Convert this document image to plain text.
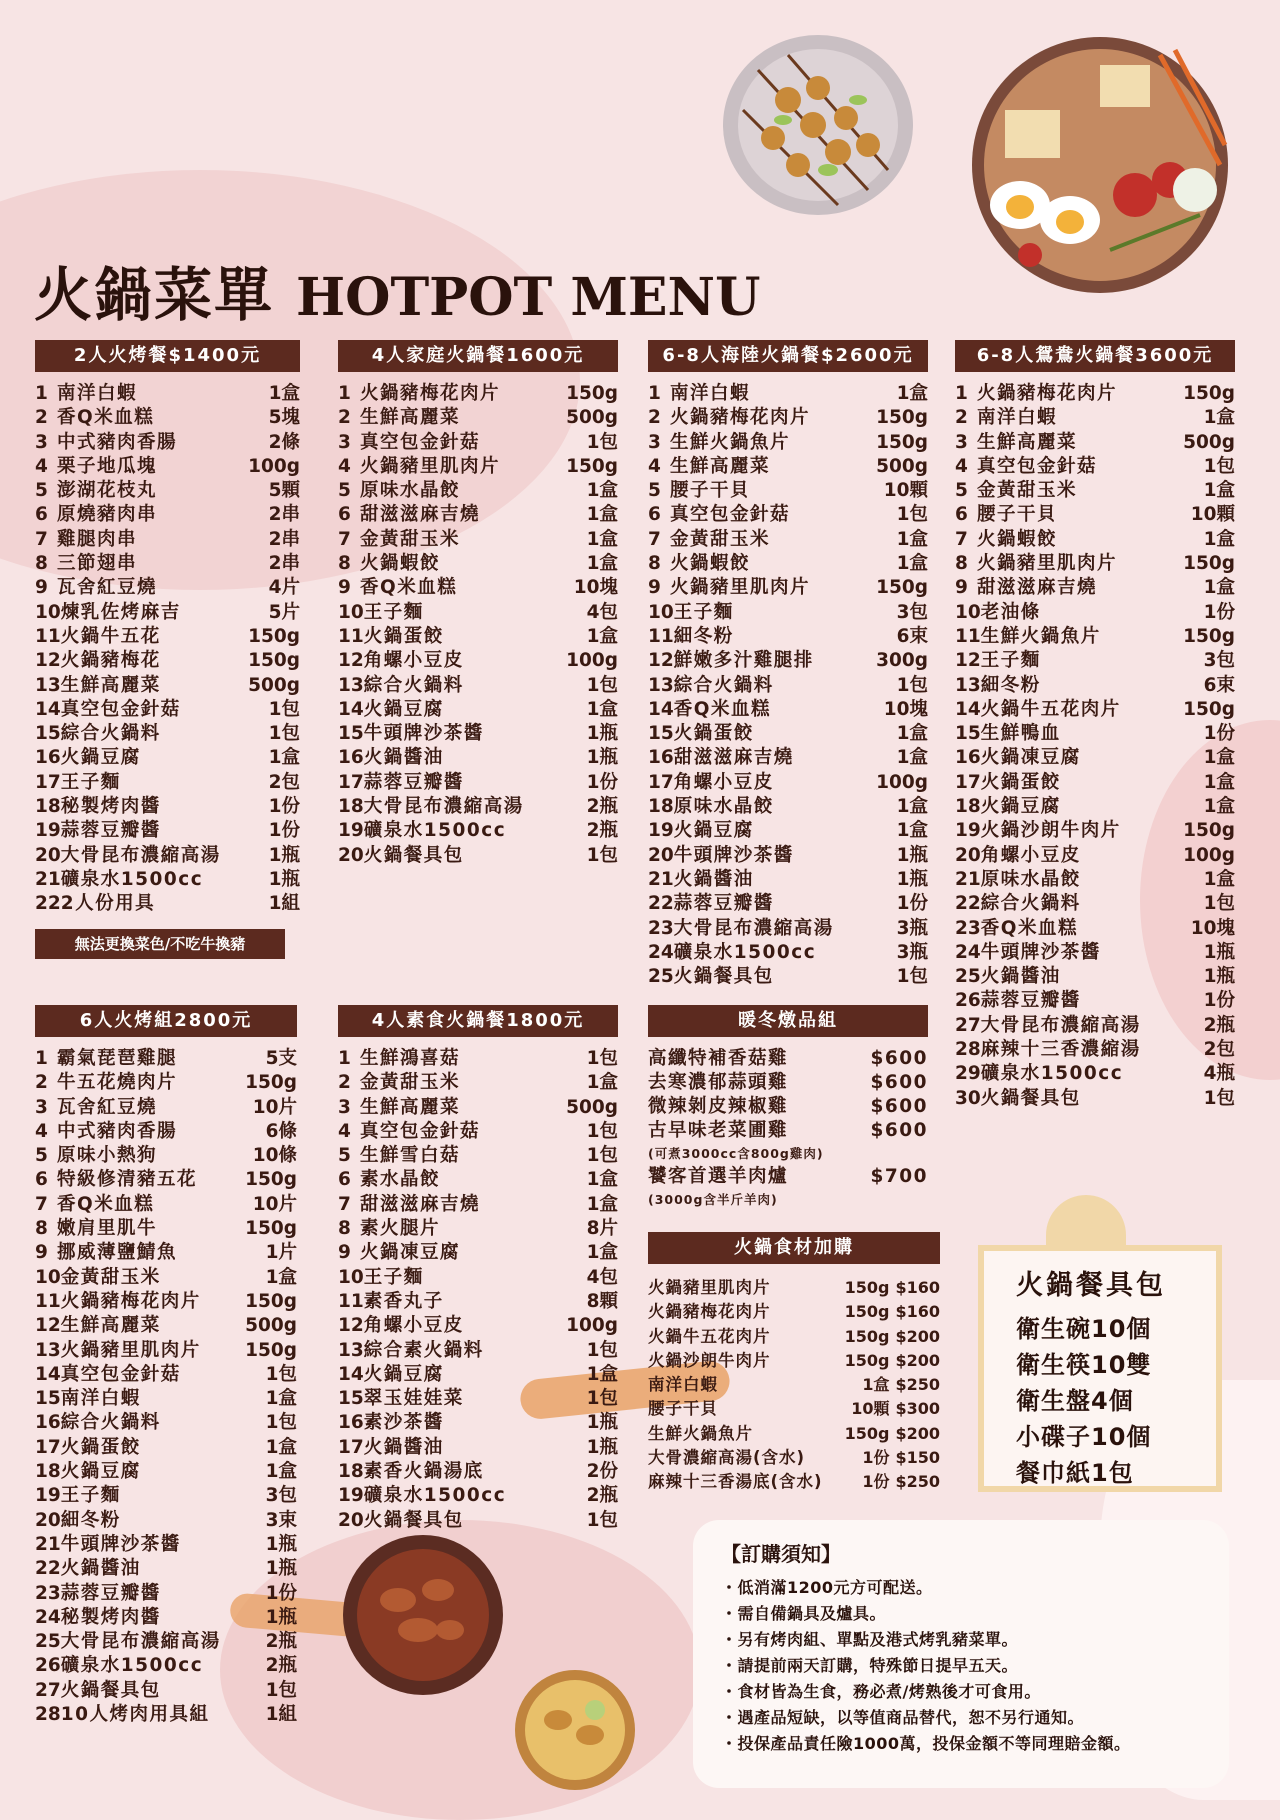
火鍋菜單 HOTPOT MENU
2人火烤餐$1400元
1 南洋白蝦	1盒
2 香Q米血糕	5塊
3 中式豬肉香腸	2條
4 栗子地瓜塊	100g
5 澎湖花枝丸	5顆
6 原燒豬肉串	2串
7 雞腿肉串	2串
8 三節翅串	2串
9 瓦舍紅豆燒	4片
10煉乳佐烤麻吉	5片
11火鍋牛五花	150g
12火鍋豬梅花	150g
13生鮮高麗菜	500g
14真空包金針菇	1包
15綜合火鍋料	1包
16火鍋豆腐	1盒
17王子麵	2包
18秘製烤肉醬	1份
19蒜蓉豆瓣醬	1份
20大骨昆布濃縮高湯	1瓶
21礦泉水1500cc	1瓶
222人份用具	1組
4人家庭火鍋餐1600元
1 火鍋豬梅花肉片	150g
2 生鮮高麗菜	500g
3 真空包金針菇	1包
4 火鍋豬里肌肉片	150g
5 原味水晶餃	1盒
6 甜滋滋麻吉燒	1盒
7 金黃甜玉米	1盒
8 火鍋蝦餃	1盒
9 香Q米血糕	10塊
10王子麵	4包
11火鍋蛋餃	1盒
12角螺小豆皮	100g
13綜合火鍋料	1包
14火鍋豆腐	1盒
15牛頭牌沙茶醬	1瓶
16火鍋醬油	1瓶
17蒜蓉豆瓣醬	1份
18大骨昆布濃縮高湯	2瓶
19礦泉水1500cc	2瓶
20火鍋餐具包	1包
6-8人海陸火鍋餐$2600元
1 南洋白蝦	1盒
2 火鍋豬梅花肉片	150g
3 生鮮火鍋魚片	150g
4 生鮮高麗菜	500g
5 腰子干貝	10顆
6 真空包金針菇	1包
7 金黃甜玉米	1盒
8 火鍋蝦餃	1盒
9 火鍋豬里肌肉片	150g
10王子麵	3包
11細冬粉	6束
12鮮嫩多汁雞腿排	300g
13綜合火鍋料	1包
14香Q米血糕	10塊
15火鍋蛋餃	1盒
16甜滋滋麻吉燒	1盒
17角螺小豆皮	100g
18原味水晶餃	1盒
19火鍋豆腐	1盒
20牛頭牌沙茶醬	1瓶
21火鍋醬油	1瓶
22蒜蓉豆瓣醬	1份
23大骨昆布濃縮高湯	3瓶
24礦泉水1500cc	3瓶
25火鍋餐具包	1包
6-8人鴛鴦火鍋餐3600元
1 火鍋豬梅花肉片	150g
2 南洋白蝦	1盒
3 生鮮高麗菜	500g
4 真空包金針菇	1包
5 金黃甜玉米	1盒
6 腰子干貝	10顆
7 火鍋蝦餃	1盒
8 火鍋豬里肌肉片	150g
9 甜滋滋麻吉燒	1盒
10老油條	1份
11生鮮火鍋魚片	150g
12王子麵	3包
13細冬粉	6束
14火鍋牛五花肉片	150g
15生鮮鴨血	1份
16火鍋凍豆腐	1盒
17火鍋蛋餃	1盒
18火鍋豆腐	1盒
19火鍋沙朗牛肉片	150g
20角螺小豆皮	100g
21原味水晶餃	1盒
22綜合火鍋料	1包
23香Q米血糕	10塊
24牛頭牌沙茶醬	1瓶
25火鍋醬油	1瓶
26蒜蓉豆瓣醬	1份
27大骨昆布濃縮高湯	2瓶
28麻辣十三香濃縮湯	2包
29礦泉水1500cc	4瓶
30火鍋餐具包	1包
6人火烤組2800元
1 霸氣琵琶雞腿	5支
2 牛五花燒肉片	150g
3 瓦舍紅豆燒	10片
4 中式豬肉香腸	6條
5 原味小熱狗	10條
6 特級修清豬五花	150g
7 香Q米血糕	10片
8 嫩肩里肌牛	150g
9 挪威薄鹽鯖魚	1片
10金黃甜玉米	1盒
11火鍋豬梅花肉片 150g
12生鮮高麗菜	500g
13火鍋豬里肌肉片 150g
14真空包金針菇	1包
15南洋白蝦	1盒
16綜合火鍋料	1包
17火鍋蛋餃	1盒
18火鍋豆腐	1盒
19王子麵	3包
20細冬粉	3束
21牛頭牌沙茶醬	1瓶
22火鍋醬油	1瓶
23蒜蓉豆瓣醬	1份
24秘製烤肉醬	1瓶
25大骨昆布濃縮高湯 2瓶
26礦泉水1500cc	2瓶
27火鍋餐具包	1包
2810人烤肉用具組	1組
4人素食火鍋餐1800元
1 生鮮鴻喜菇	1包
2 金黃甜玉米	1盒
3 生鮮高麗菜	500g
4 真空包金針菇	1包
5 生鮮雪白菇	1包
6 素水晶餃	1盒
7 甜滋滋麻吉燒	1盒
8 素火腿片	8片
9 火鍋凍豆腐	1盒
10王子麵	4包
11素香丸子	8顆
12角螺小豆皮	100g
13綜合素火鍋料	1包
14火鍋豆腐	1盒
15翠玉娃娃菜	1包
16素沙茶醬	1瓶
17火鍋醬油	1瓶
18素香火鍋湯底	2份
19礦泉水1500cc	2瓶
20火鍋餐具包	1包
無法更換菜色/不吃牛換豬
暖冬燉品組
高纖特補香菇雞	$600
去寒濃郁蒜頭雞	$600
微辣剝皮辣椒雞	$600
古早味老菜圃雞	$600
(可煮3000cc含800g雞肉)
饕客首選羊肉爐	$700
(3000g含半斤羊肉)
火鍋食材加購
火鍋豬里肌肉片	150g $160
火鍋豬梅花肉片	150g $160
火鍋牛五花肉片	150g $200
火鍋沙朗牛肉片	150g $200
南洋白蝦	1盒 $250
腰子干貝	10顆 $300
生鮮火鍋魚片	150g $200
大骨濃縮高湯(含水)	1份 $150
麻辣十三香湯底(含水) 1份 $250
火鍋餐具包
衛生碗10個
衛生筷10雙
衛生盤4個
小碟子10個
餐巾紙1包
【訂購須知】
・低消滿1200元方可配送。
・需自備鍋具及爐具。
・另有烤肉組、單點及港式烤乳豬菜單。
・請提前兩天訂購，特殊節日提早五天。
・食材皆為生食，務必煮/烤熟後才可食用。
・遇產品短缺，以等值商品替代，恕不另行通知。
・投保產品責任險1000萬，投保金額不等同理賠金額。
